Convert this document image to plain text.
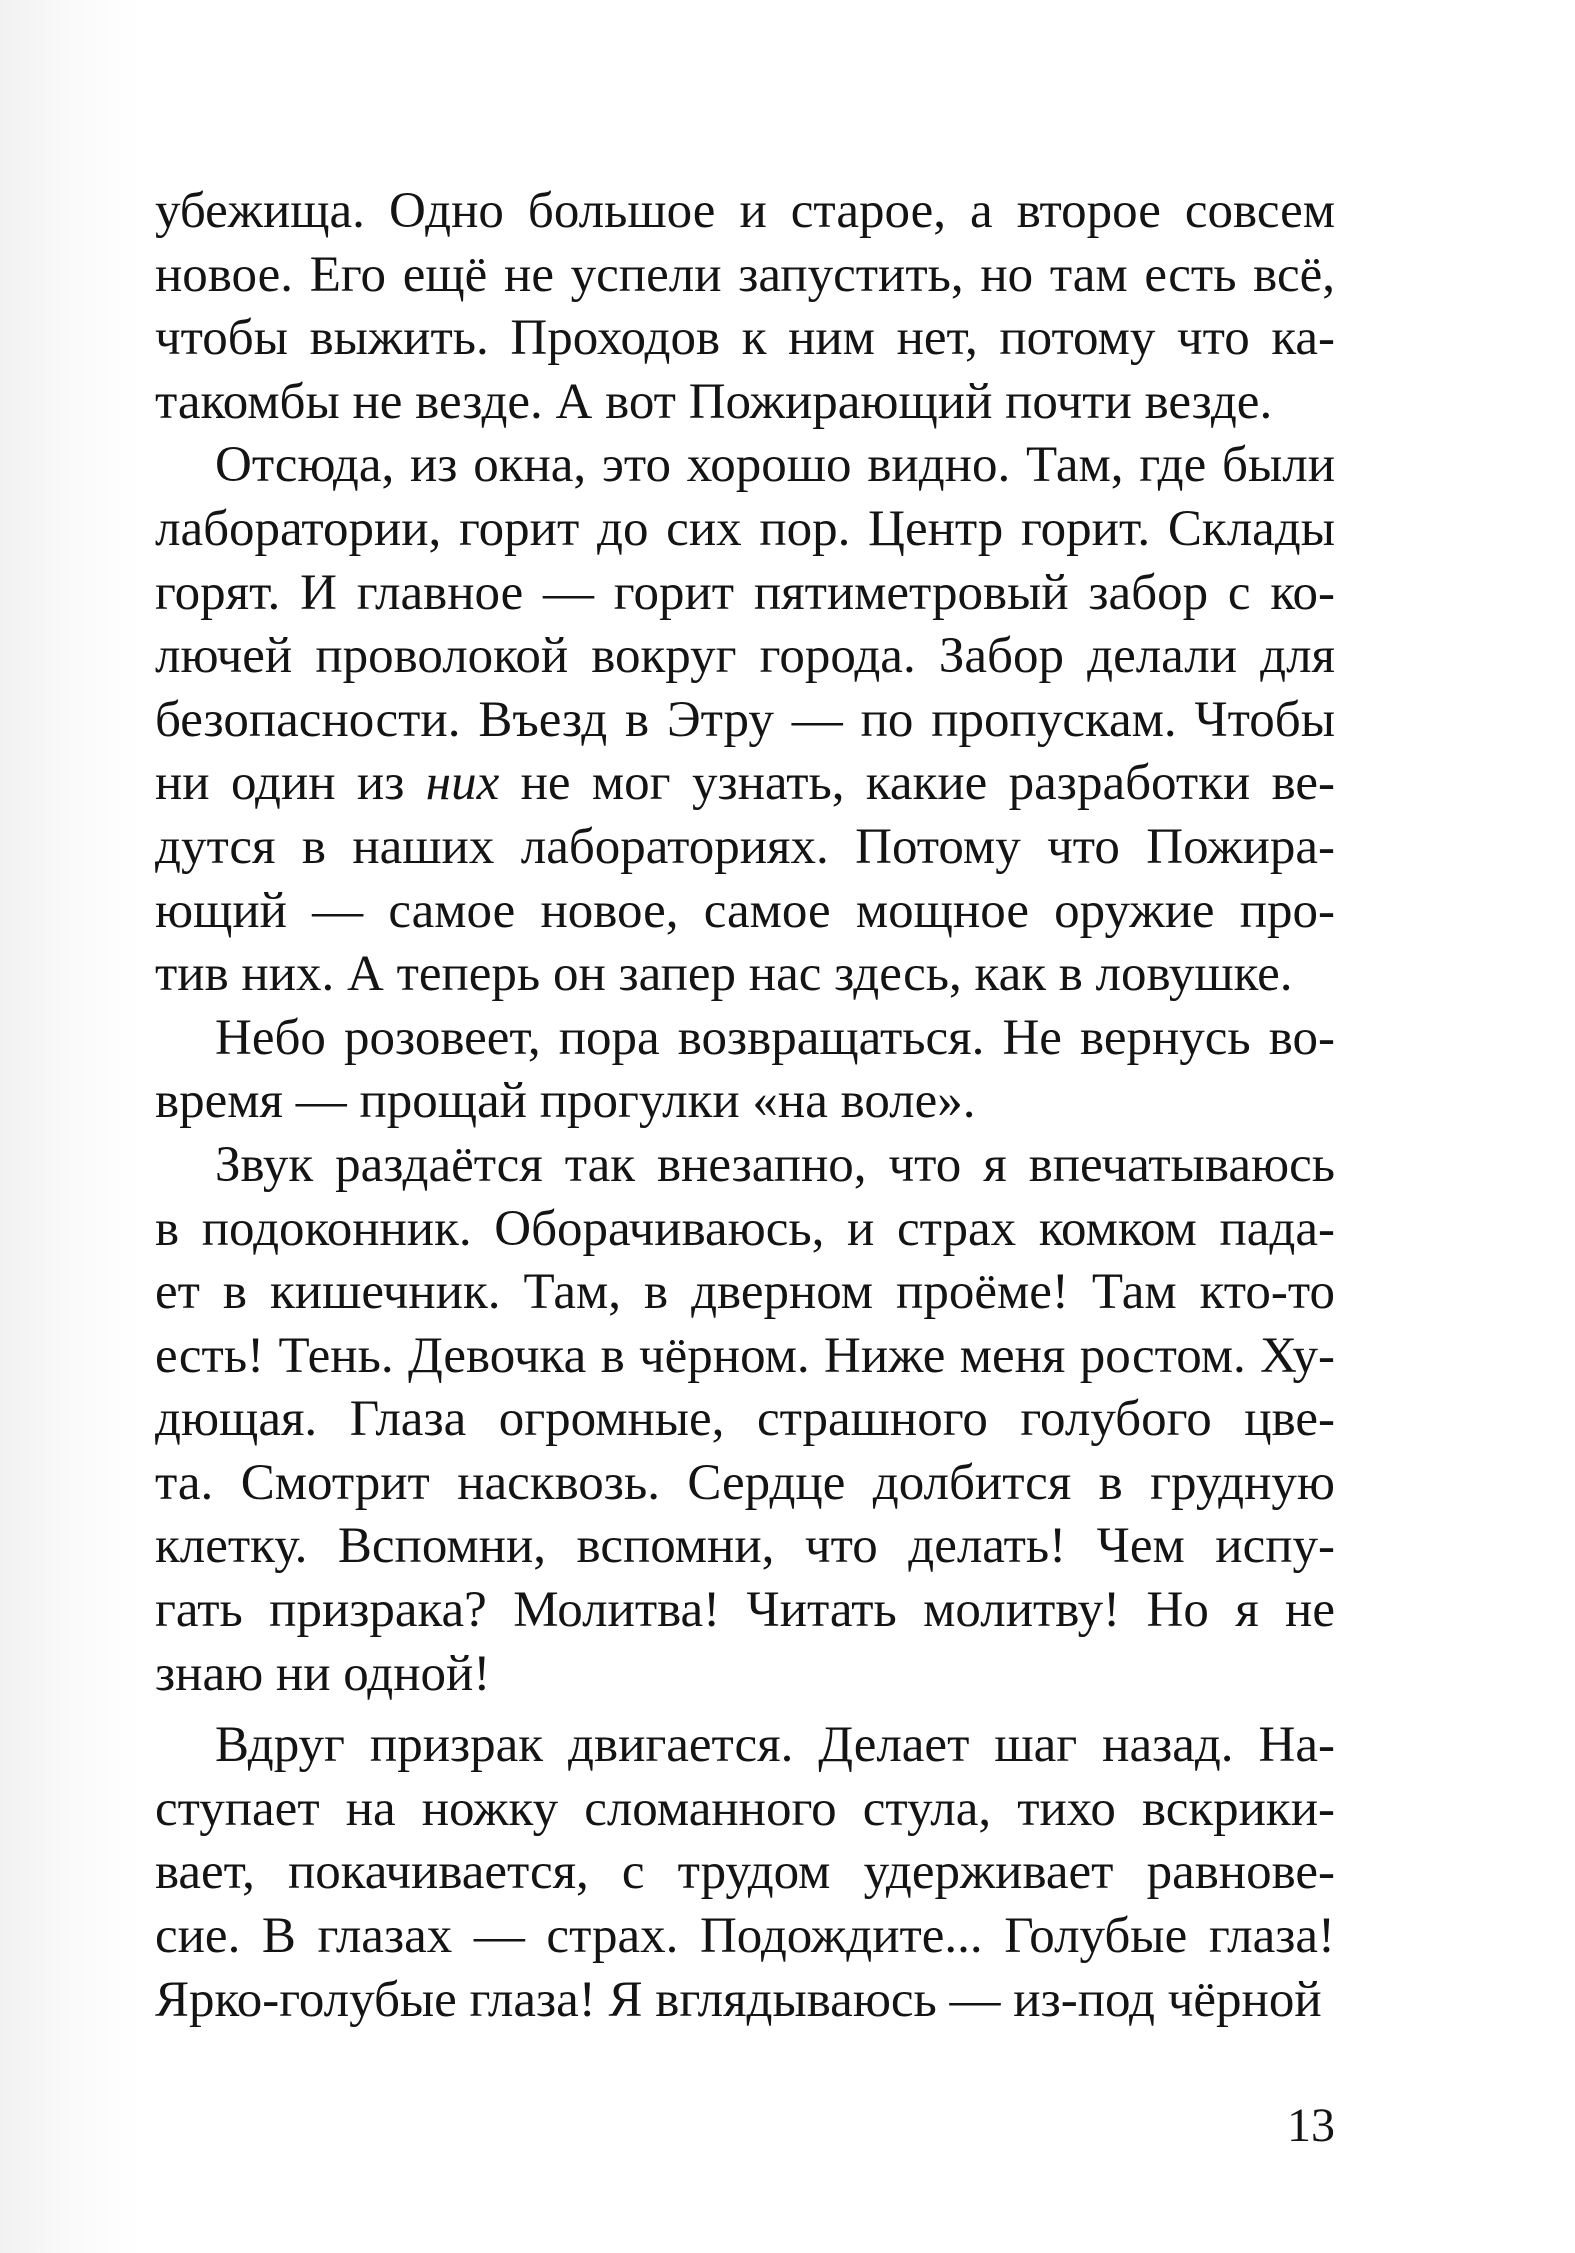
убежища. Одно большое и старое, а второе совсем
новое. Его ещё не успели запустить, но там есть всё,
чтобы выжить. Проходов к ним нет, потому что ка-
такомбы не везде. А вот Пожирающий почти везде.
Отсюда, из окна, это хорошо видно. Там, где были
лаборатории, горит до сих пор. Центр горит. Склады
горят. И главное — горит пятиметровый забор с ко-
лючей проволокой вокруг города. Забор делали для
безопасности. Въезд в Этру — по пропускам. Чтобы
ни один из них не мог узнать, какие разработки ве-
дутся в наших лабораториях. Потому что Пожира-
ющий — самое новое, самое мощное оружие про-
тив них. А теперь он запер нас здесь, как в ловушке.
Небо розовеет, пора возвращаться. Не вернусь во-
время — прощай прогулки «на воле».
Звук раздаётся так внезапно, что я впечатываюсь
в подоконник. Оборачиваюсь, и страх комком пада-
ет в кишечник. Там, в дверном проёме! Там кто-то
есть! Тень. Девочка в чёрном. Ниже меня ростом. Ху-
дющая. Глаза огромные, страшного голубого цве-
та. Смотрит насквозь. Сердце долбится в грудную
клетку. Вспомни, вспомни, что делать! Чем испу-
гать призрака? Молитва! Читать молитву! Но я не
знаю ни одной!
Вдруг призрак двигается. Делает шаг назад. На-
ступает на ножку сломанного стула, тихо вскрики-
вает, покачивается, с трудом удерживает равнове-
сие. В глазах — страх. Подождите... Голубые глаза!
Ярко-голубые глаза! Я вглядываюсь — из-под чёрной
13
